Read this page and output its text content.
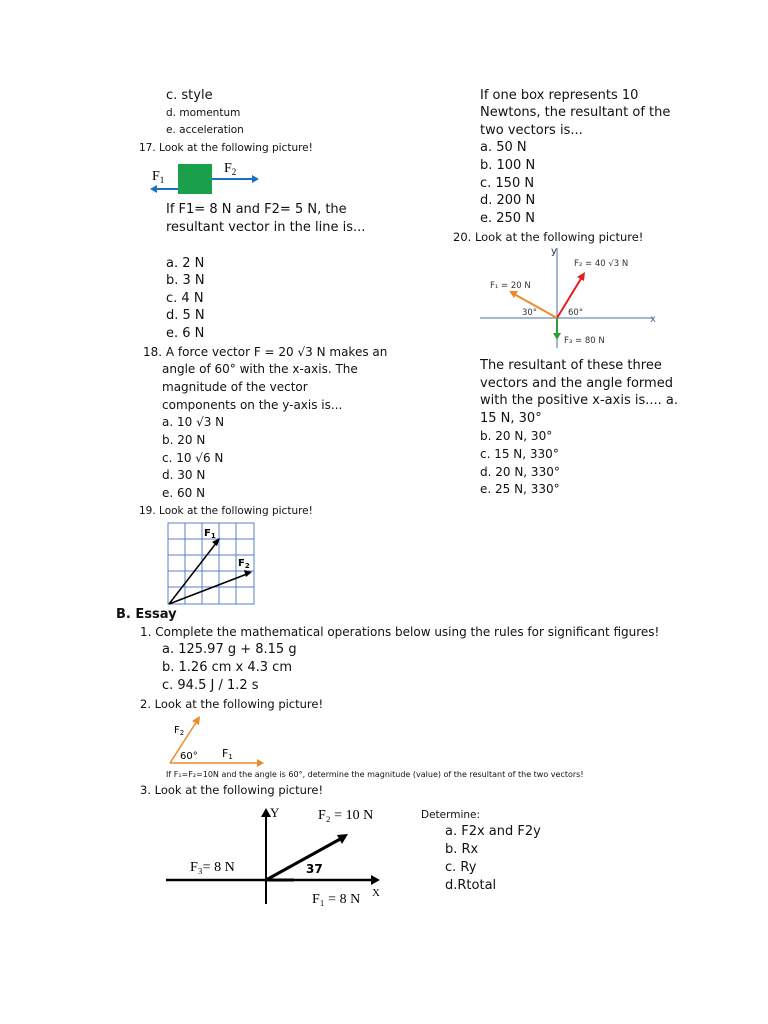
c. style
d. momentum
e. acceleration
17. Look at the following picture!
$F_1$
$F_2$
If F1= 8 N and F2= 5 N, the
resultant vector in the line is...
a. 2 N
b. 3 N
c. 4 N
d. 5 N
e. 6 N
18. A force vector F = 20 √3 N makes an
angle of 60° with the x-axis. The
magnitude of the vector
components on the y-axis is...
a. 10 √3 N
b. 20 N
c. 10 √6 N
d. 30 N
e. 60 N
19. Look at the following picture!
$F_1$
$F_2$
If one box represents 10
Newtons, the resultant of the
two vectors is...
a. 50 N
b. 100 N
c. 150 N
d. 200 N
e. 250 N
20. Look at the following picture!
y
x
F₂ = 40 √3 N
F₁ = 20 N
F₃ = 80 N
30°	60°
The resultant of these three
vectors and the angle formed
with the positive x-axis is.... a.
15 N, 30°
b. 20 N, 30°
c. 15 N, 330°
d. 20 N, 330°
e. 25 N, 330°
B. Essay
1. Complete the mathematical operations below using the rules for significant figures!
a. 125.97 g + 8.15 g
b. 1.26 cm x 4.3 cm
c. 94.5 J / 1.2 s
2. Look at the following picture!
$F_2$
60° F1
If F₁=F₂=10N and the angle is 60°, determine the magnitude (value) of the resultant of the two vectors!
3. Look at the following picture!
Y
X
F₂ = 10 N
F₃= 8 N
F₁ = 8 N
37
Determine:
a. F2x and F2y
b. Rx
c. Ry
d.Rtotal
